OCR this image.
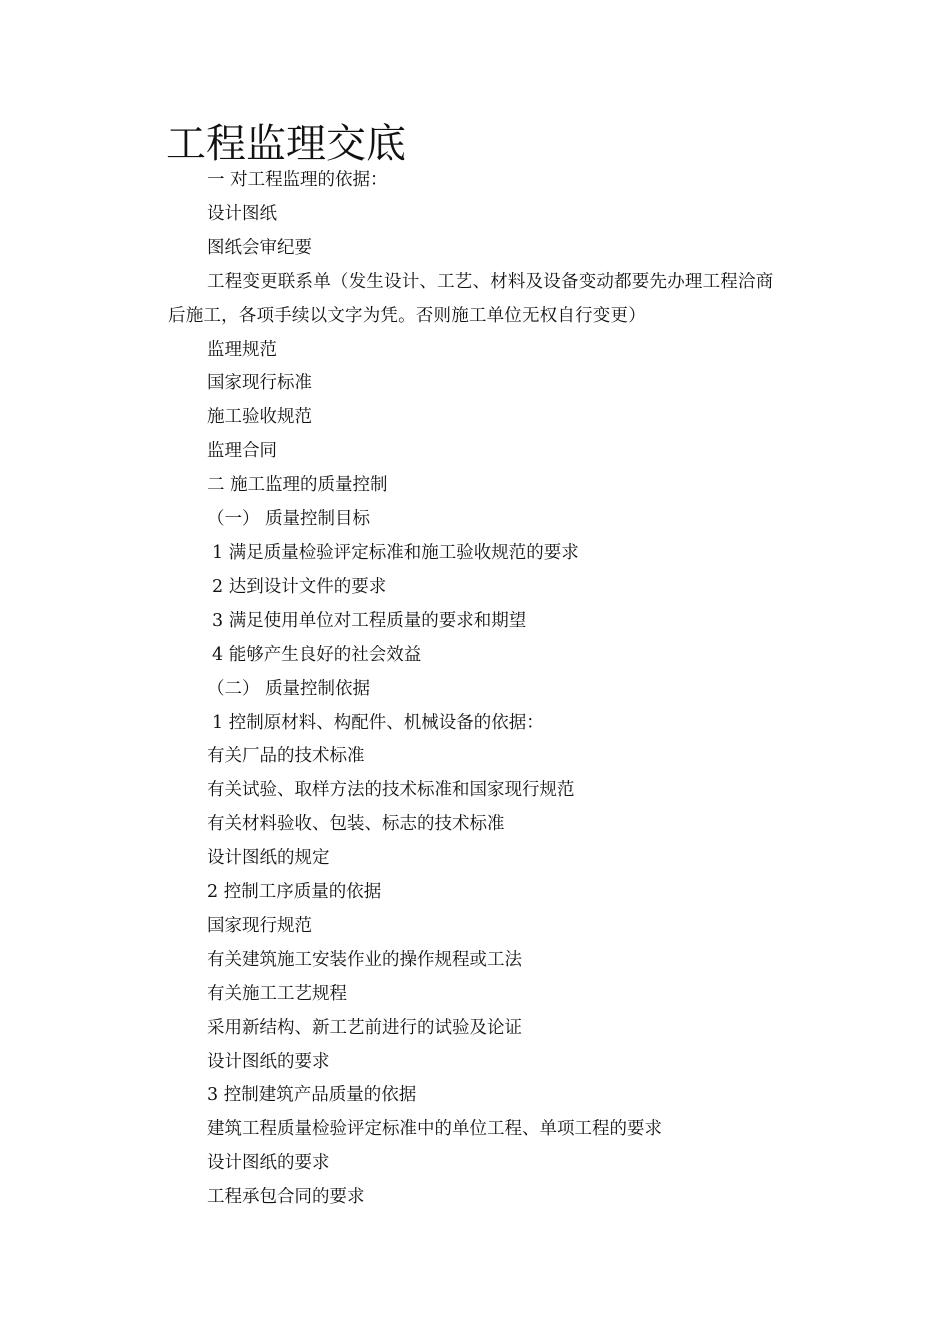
工程监理交底

一 对工程监理的依据：

设计图纸

图纸会审纪要

工程变更联系单（发生设计、工艺、材料及设备变动都要先办理工程洽商后施工，各项手续以文字为凭。否则施工单位无权自行变更）

监理规范

国家现行标准

施工验收规范

监理合同

二 施工监理的质量控制

（一） 质量控制目标

1 满足质量检验评定标准和施工验收规范的要求

2 达到设计文件的要求

3 满足使用单位对工程质量的要求和期望

4 能够产生良好的社会效益

（二） 质量控制依据

1 控制原材料、构配件、机械设备的依据：

有关厂品的技术标准

有关试验、取样方法的技术标准和国家现行规范

有关材料验收、包装、标志的技术标准

设计图纸的规定

2 控制工序质量的依据

国家现行规范

有关建筑施工安装作业的操作规程或工法

有关施工工艺规程

采用新结构、新工艺前进行的试验及论证

设计图纸的要求

3 控制建筑产品质量的依据

建筑工程质量检验评定标准中的单位工程、单项工程的要求

设计图纸的要求

工程承包合同的要求
